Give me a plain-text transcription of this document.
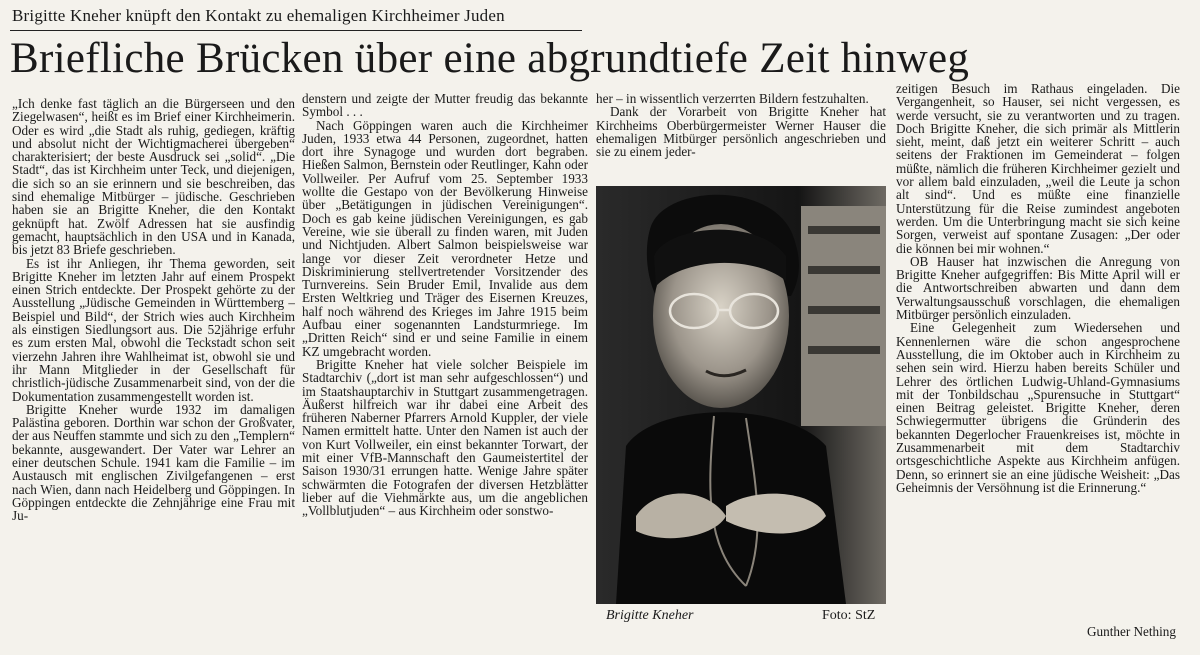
Brigitte Kneher knüpft den Kontakt zu ehemaligen Kirchheimer Juden
Briefliche Brücken über eine abgrundtiefe Zeit hinweg

„Ich denke fast täglich an die Bürgerseen und den Ziegelwasen“, heißt es im Brief einer Kirchheimerin. Oder es wird „die Stadt als ruhig, gediegen, kräftig und absolut nicht der Wichtigmacherei übergeben“ charakterisiert; der beste Ausdruck sei „solid“. „Die Stadt“, das ist Kirchheim unter Teck, und diejenigen, die sich so an sie erinnern und sie beschreiben, das sind ehemalige Mitbürger – jüdische. Geschrieben haben sie an Brigitte Kneher, die den Kontakt geknüpft hat. Zwölf Adressen hat sie ausfindig gemacht, hauptsächlich in den USA und in Kanada, bis jetzt 83 Briefe geschrieben.

Es ist ihr Anliegen, ihr Thema geworden, seit Brigitte Kneher im letzten Jahr auf einem Prospekt einen Strich entdeckte. Der Prospekt gehörte zu der Ausstellung „Jüdische Gemeinden in Württemberg – Beispiel und Bild“, der Strich wies auch Kirchheim als einstigen Siedlungsort aus. Die 52jährige erfuhr es zum ersten Mal, obwohl die Teckstadt schon seit vierzehn Jahren ihre Wahlheimat ist, obwohl sie und ihr Mann Mitglieder in der Gesellschaft für christlich-jüdische Zusammenarbeit sind, von der die Dokumentation zusammengestellt worden ist.

Brigitte Kneher wurde 1932 im damaligen Palästina geboren. Dorthin war schon der Großvater, der aus Neuffen stammte und sich zu den „Templern“ bekannte, ausgewandert. Der Vater war Lehrer an einer deutschen Schule. 1941 kam die Familie – im Austausch mit englischen Zivilgefangenen – erst nach Wien, dann nach Heidelberg und Göppingen. In Göppingen entdeckte die Zehnjährige eine Frau mit Ju-

denstern und zeigte der Mutter freudig das bekannte Symbol . . .

Nach Göppingen waren auch die Kirchheimer Juden, 1933 etwa 44 Personen, zugeordnet, hatten dort ihre Synagoge und wurden dort begraben. Hießen Salmon, Bernstein oder Reutlinger, Kahn oder Vollweiler. Per Aufruf vom 25. September 1933 wollte die Gestapo von der Bevölkerung Hinweise über „Betätigungen in jüdischen Vereinigungen“. Doch es gab keine jüdischen Vereinigungen, es gab Vereine, wie sie überall zu finden waren, mit Juden und Nichtjuden. Albert Salmon beispielsweise war lange vor dieser Zeit verordneter Hetze und Diskriminierung stellvertretender Vorsitzender des Turnvereins. Sein Bruder Emil, Invalide aus dem Ersten Weltkrieg und Träger des Eisernen Kreuzes, half noch während des Krieges im Jahre 1915 beim Aufbau einer sogenannten Landsturmriege. Im „Dritten Reich“ sind er und seine Familie in einem KZ umgebracht worden.

Brigitte Kneher hat viele solcher Beispiele im Stadtarchiv („dort ist man sehr aufgeschlossen“) und im Staatshauptarchiv in Stuttgart zusammengetragen. Äußerst hilfreich war ihr dabei eine Arbeit des früheren Naberner Pfarrers Arnold Kuppler, der viele Namen ermittelt hatte. Unter den Namen ist auch der von Kurt Vollweiler, ein einst bekannter Torwart, der mit einer VfB-Mannschaft den Gaumeistertitel der Saison 1930/31 errungen hatte. Wenige Jahre später schwärmten die Fotografen der diversen Hetzblätter lieber auf die Viehmärkte aus, um die angeblichen „Vollblutjuden“ – aus Kirchheim oder sonstwo-

her – in wissentlich verzerrten Bildern festzuhalten.

Dank der Vorarbeit von Brigitte Kneher hat Kirchheims Oberbürgermeister Werner Hauser die ehemaligen Mitbürger persönlich angeschrieben und sie zu einem jeder-

Brigitte Kneher	Foto: StZ

zeitigen Besuch im Rathaus eingeladen. Die Vergangenheit, so Hauser, sei nicht vergessen, es werde versucht, sie zu verantworten und zu tragen. Doch Brigitte Kneher, die sich primär als Mittlerin sieht, meint, daß jetzt ein weiterer Schritt – auch seitens der Fraktionen im Gemeinderat – folgen müßte, nämlich die früheren Kirchheimer gezielt und vor allem bald einzuladen, „weil die Leute ja schon alt sind“. Und es müßte eine finanzielle Unterstützung für die Reise zumindest angeboten werden. Um die Unterbringung macht sie sich keine Sorgen, verweist auf spontane Zusagen: „Der oder die können bei mir wohnen.“

OB Hauser hat inzwischen die Anregung von Brigitte Kneher aufgegriffen: Bis Mitte April will er die Antwortschreiben abwarten und dann dem Verwaltungsausschuß vorschlagen, die ehemaligen Mitbürger persönlich einzuladen.

Eine Gelegenheit zum Wiedersehen und Kennenlernen wäre die schon angesprochene Ausstellung, die im Oktober auch in Kirchheim zu sehen sein wird. Hierzu haben bereits Schüler und Lehrer des örtlichen Ludwig-Uhland-Gymnasiums mit der Tonbildschau „Spurensuche in Stuttgart“ einen Beitrag geleistet. Brigitte Kneher, deren Schwiegermutter übrigens die Gründerin des bekannten Degerlocher Frauenkreises ist, möchte in Zusammenarbeit mit dem Stadtarchiv ortsgeschichtliche Aspekte aus Kirchheim anfügen. Denn, so erinnert sie an eine jüdische Weisheit: „Das Geheimnis der Versöhnung ist die Erinnerung.“

Gunther Nething
